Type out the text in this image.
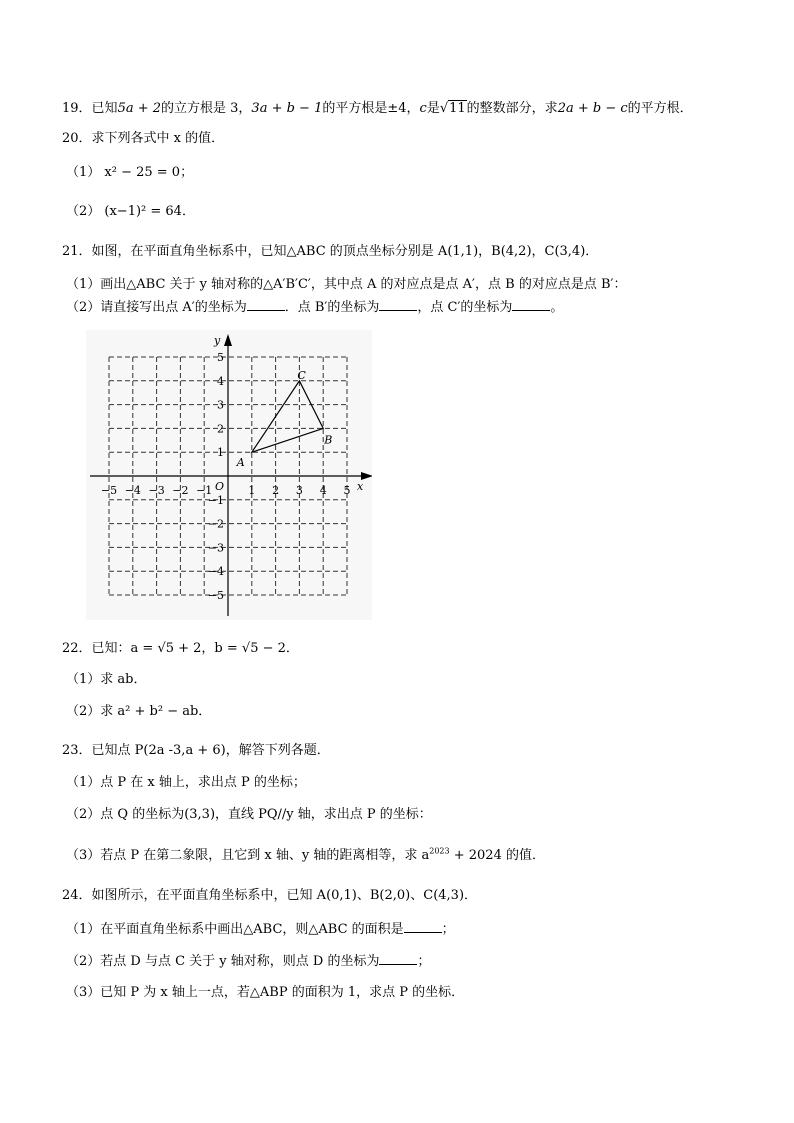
19．已知5a + 2的立方根是 3，3a + b − 1的平方根是±4，c是√11的整数部分，求2a + b − c的平方根．
20．求下列各式中 x 的值．
（1） x² − 25 = 0；
（2） (x−1)² = 64．
21．如图，在平面直角坐标系中，已知△ABC 的顶点坐标分别是 A(1,1)，B(4,2)，C(3,4)．
（1）画出△ABC 关于 y 轴对称的△A′B′C′，其中点 A 的对应点是点 A′，点 B 的对应点是点 B′：
（2）请直接写出点 A′的坐标为	．点 B′的坐标为	，点 C′的坐标为	。
x
y
O
−5 −4 −3 −2 −1	1 2 3 4 5
5
4
3
2
1
−1
−2
−3
−4
−5
A
B
C
22．已知：a = √5 + 2，b = √5 − 2．
（1）求 ab．
（2）求 a² + b² − ab．
23．已知点 P(2a -3,a + 6)，解答下列各题．
（1）点 P 在 x 轴上，求出点 P 的坐标；
（2）点 Q 的坐标为(3,3)，直线 PQ//y 轴，求出点 P 的坐标：
（3）若点 P 在第二象限，且它到 x 轴、y 轴的距离相等，求 $a^{2023} + 2024$ 的值．
24．如图所示，在平面直角坐标系中，已知 A(0,1)、B(2,0)、C(4,3)．
（1）在平面直角坐标系中画出△ABC，则△ABC 的面积是	；
（2）若点 D 与点 C 关于 y 轴对称，则点 D 的坐标为	；
（3）已知 P 为 x 轴上一点，若△ABP 的面积为 1，求点 P 的坐标．
